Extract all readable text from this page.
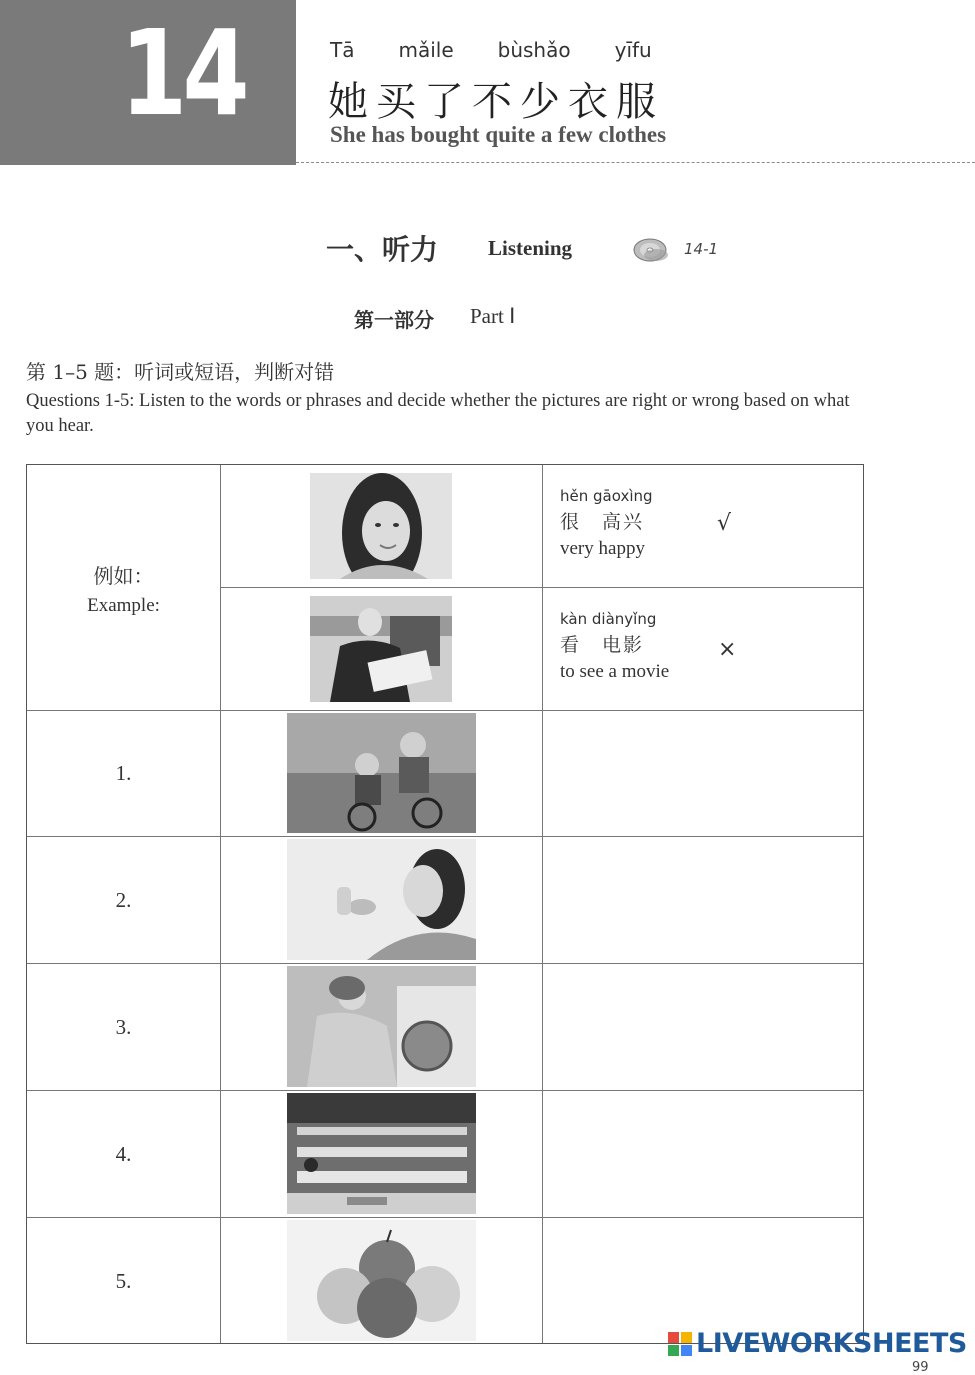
14	Tā mǎile bùshǎo yīfu
她买了不少衣服
She has bought quite a few clothes
一、听力 Listening	14-1
第一部分 Part Ⅰ
第 1–5 题：听词或短语，判断对错
Questions 1-5: Listen to the words or phrases and decide whether the pictures are right or wrong based on what you hear.
例如：
Example:
hěn gāoxìng
很　高兴
very happy
√
kàn diànyǐng
看　电影
to see a movie
×
1.
2.
3.
4.
5.
LIVEWORKSHEETS
99
